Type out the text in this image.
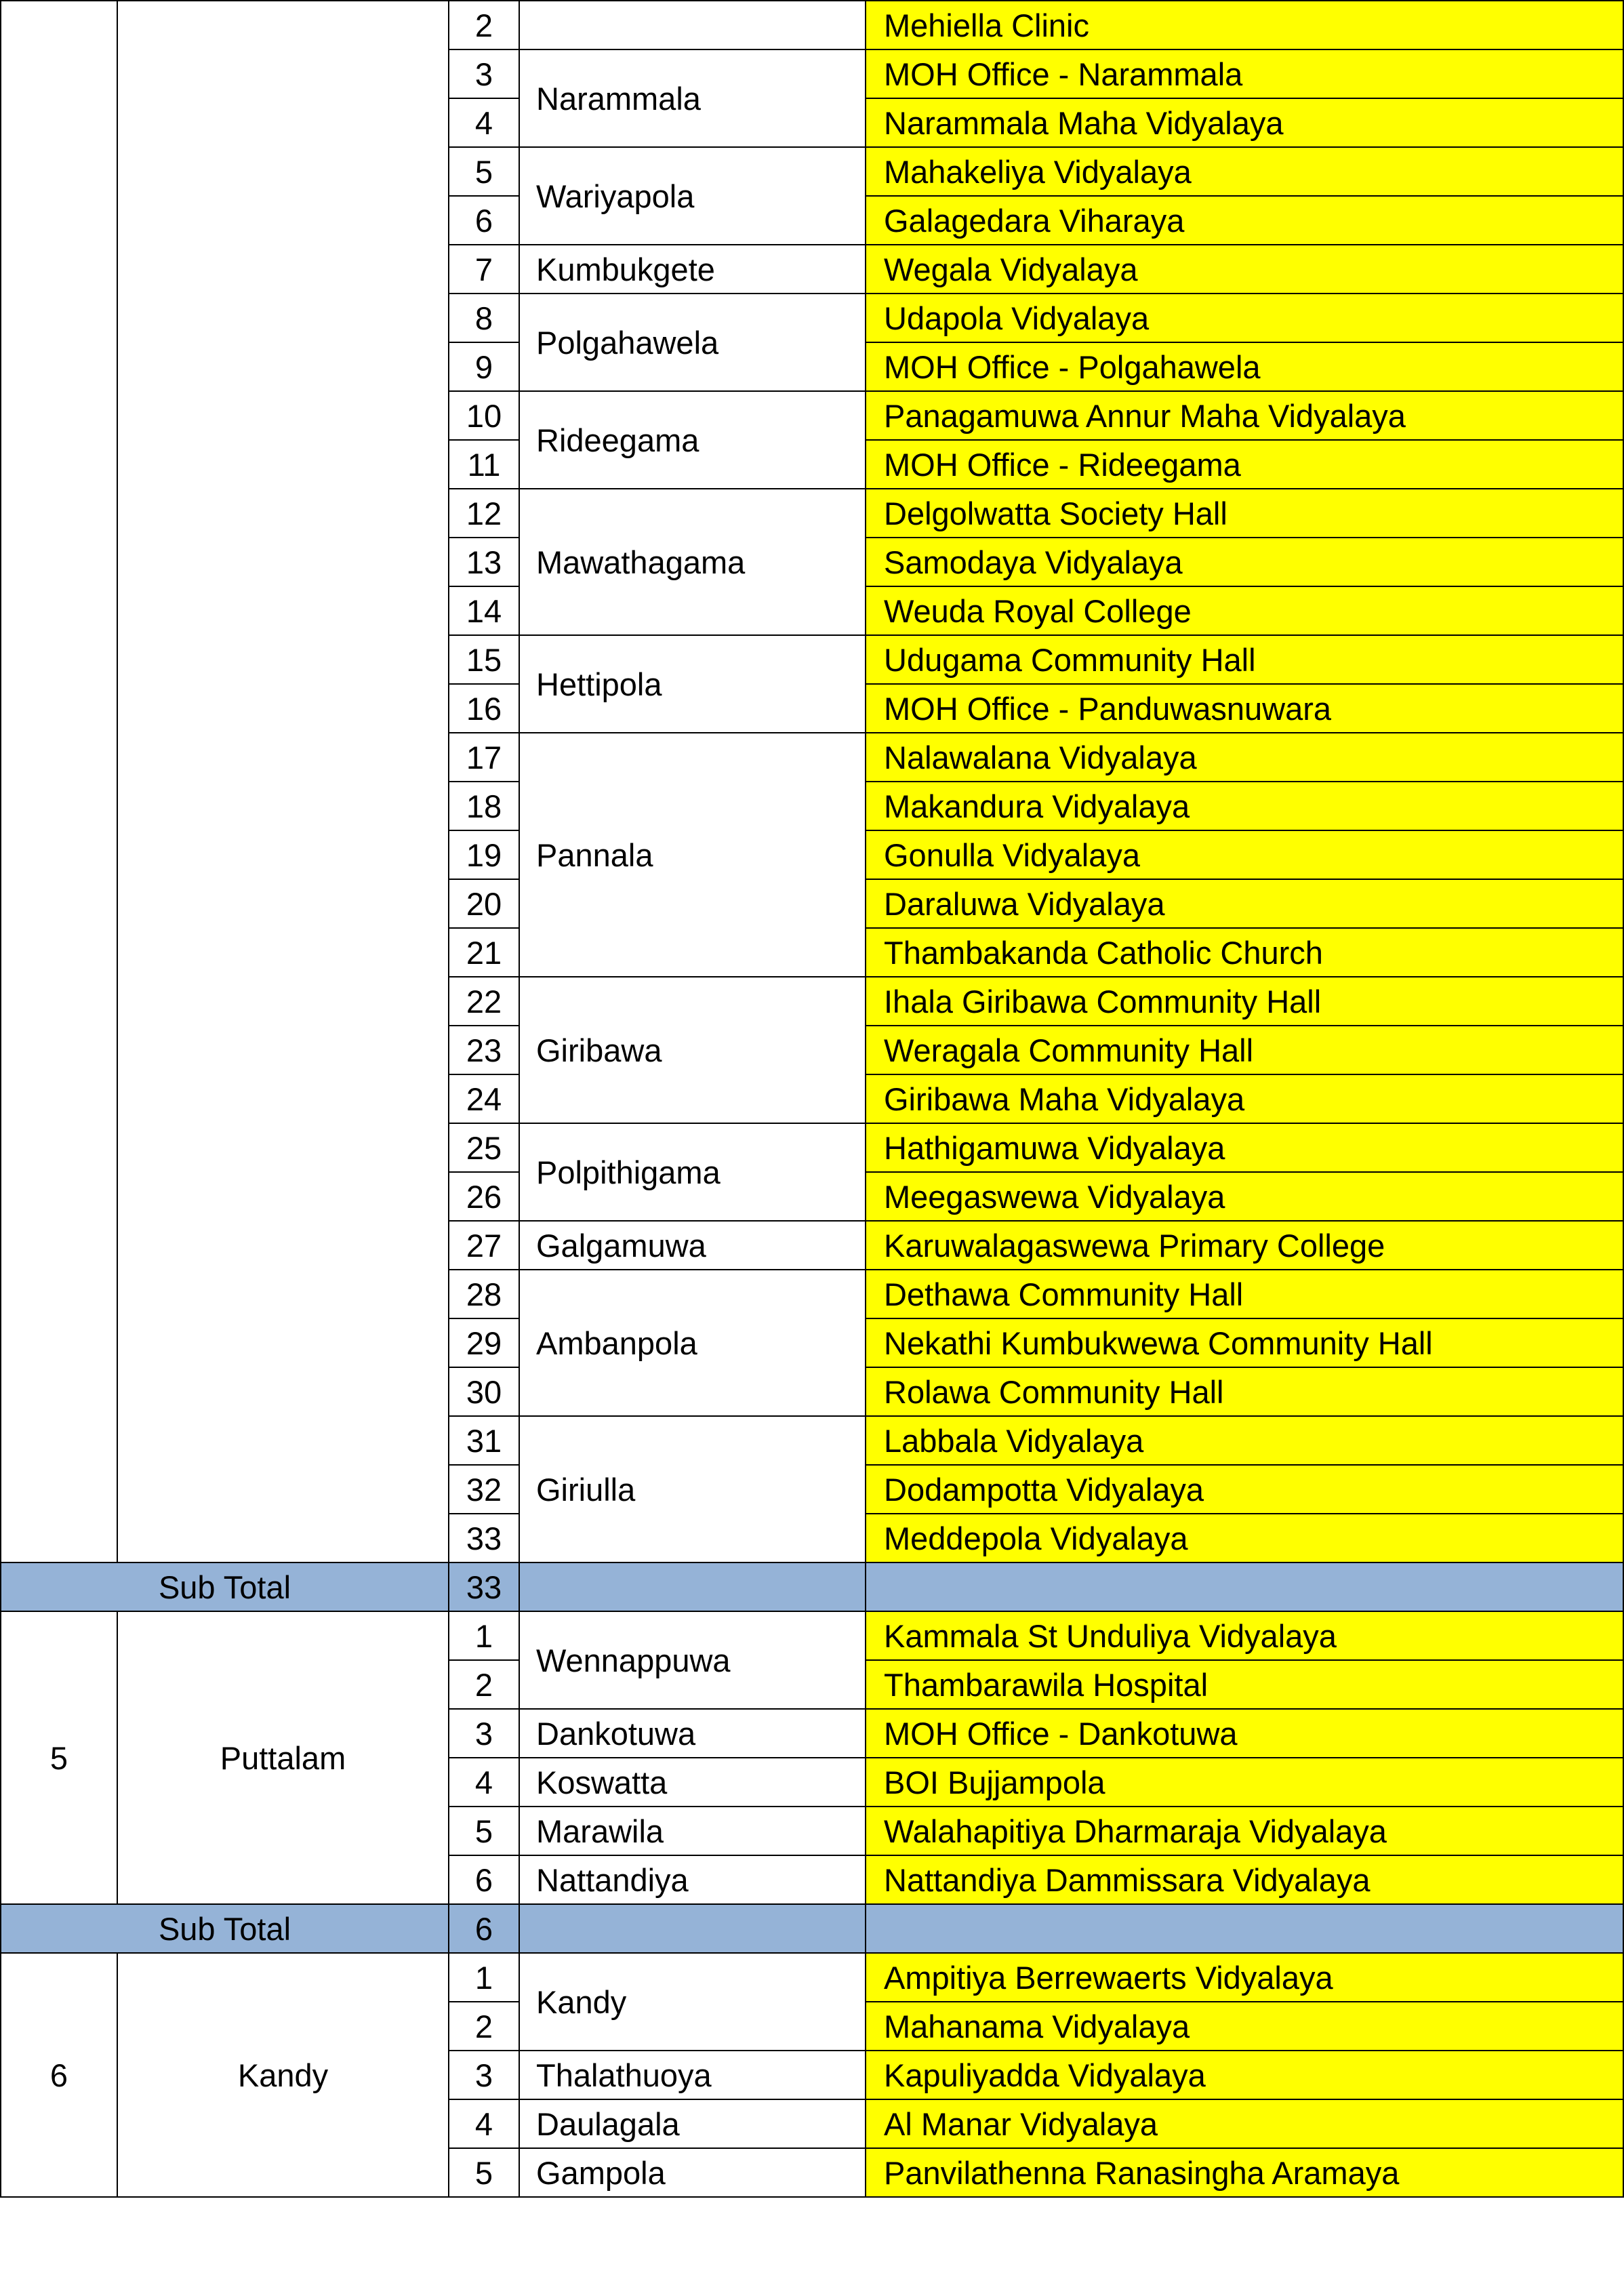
		2		Mehiella Clinic
		3	Narammala	MOH Office - Narammala
		4		Narammala Maha Vidyalaya
		5	Wariyapola	Mahakeliya Vidyalaya
		6		Galagedara Viharaya
		7	Kumbukgete	Wegala Vidyalaya
		8	Polgahawela	Udapola Vidyalaya
		9		MOH Office - Polgahawela
		10	Rideegama	Panagamuwa Annur Maha Vidyalaya
		11		MOH Office - Rideegama
		12	Mawathagama	Delgolwatta Society Hall
		13		Samodaya Vidyalaya
		14		Weuda Royal College
		15	Hettipola	Udugama Community Hall
		16		MOH Office - Panduwasnuwara
		17	Pannala	Nalawalana Vidyalaya
		18		Makandura Vidyalaya
		19		Gonulla Vidyalaya
		20		Daraluwa Vidyalaya
		21		Thambakanda Catholic Church
		22	Giribawa	Ihala Giribawa Community Hall
		23		Weragala Community Hall
		24		Giribawa Maha Vidyalaya
		25	Polpithigama	Hathigamuwa Vidyalaya
		26		Meegaswewa Vidyalaya
		27	Galgamuwa	Karuwalagaswewa Primary College
		28	Ambanpola	Dethawa Community Hall
		29		Nekathi Kumbukwewa Community Hall
		30		Rolawa Community Hall
		31	Giriulla	Labbala Vidyalaya
		32		Dodampotta Vidyalaya
		33		Meddepola Vidyalaya
Sub Total		33		
5	Puttalam	1	Wennappuwa	Kammala St Unduliya Vidyalaya
		2		Thambarawila Hospital
		3	Dankotuwa	MOH Office - Dankotuwa
		4	Koswatta	BOI Bujjampola
		5	Marawila	Walahapitiya Dharmaraja Vidyalaya
		6	Nattandiya	Nattandiya Dammissara Vidyalaya
Sub Total		6		
6	Kandy	1	Kandy	Ampitiya Berrewaerts Vidyalaya
		2		Mahanama Vidyalaya
		3	Thalathuoya	Kapuliyadda Vidyalaya
		4	Daulagala	Al Manar Vidyalaya
		5	Gampola	Panvilathenna Ranasingha Aramaya
